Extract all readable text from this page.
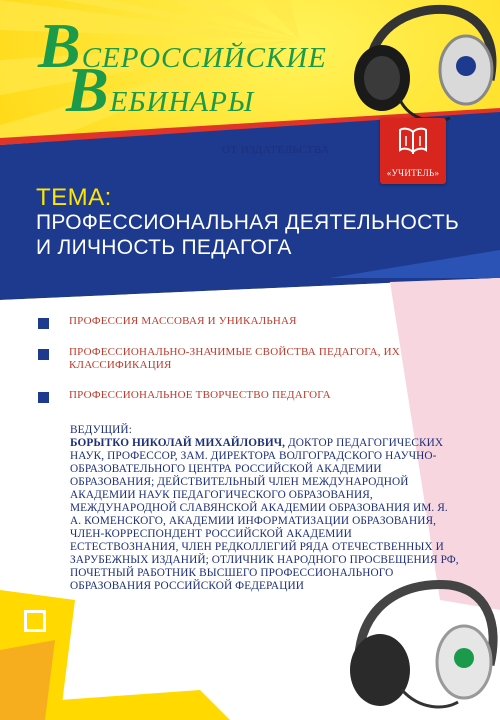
ВСЕРОССИЙСКИЕ
ВЕБИНАРЫ
ОТ ИЗДАТЕЛЬСТВА
«УЧИТЕЛЬ»
ТЕМА:
ПРОФЕССИОНАЛЬНАЯ ДЕЯТЕЛЬНОСТЬ И ЛИЧНОСТЬ ПЕДАГОГА
ПРОФЕССИЯ МАССОВАЯ И УНИКАЛЬНАЯ
ПРОФЕССИОНАЛЬНО-ЗНАЧИМЫЕ СВОЙСТВА ПЕДАГОГА, ИХ КЛАССИФИКАЦИЯ
ПРОФЕССИОНАЛЬНОЕ ТВОРЧЕСТВО ПЕДАГОГА
ВЕДУЩИЙ:
БОРЫТКО НИКОЛАЙ МИХАЙЛОВИЧ, ДОКТОР ПЕДАГОГИЧЕСКИХ НАУК, ПРОФЕССОР, ЗАМ. ДИРЕКТОРА ВОЛГОГРАДСКОГО НАУЧНО-ОБРАЗОВАТЕЛЬНОГО ЦЕНТРА РОССИЙСКОЙ АКАДЕМИИ ОБРАЗОВАНИЯ; ДЕЙСТВИТЕЛЬНЫЙ ЧЛЕН МЕЖДУНАРОДНОЙ АКАДЕМИИ НАУК ПЕДАГОГИЧЕСКОГО ОБРАЗОВАНИЯ, МЕЖДУНАРОДНОЙ СЛАВЯНСКОЙ АКАДЕМИИ ОБРАЗОВАНИЯ ИМ. Я. А. КОМЕНСКОГО, АКАДЕМИИ ИНФОРМАТИЗАЦИИ ОБРАЗОВАНИЯ, ЧЛЕН-КОРРЕСПОНДЕНТ РОССИЙСКОЙ АКАДЕМИИ ЕСТЕСТВОЗНАНИЯ, ЧЛЕН РЕДКОЛЛЕГИЙ РЯДА ОТЕЧЕСТВЕННЫХ И ЗАРУБЕЖНЫХ ИЗДАНИЙ; ОТЛИЧНИК НАРОДНОГО ПРОСВЕЩЕНИЯ РФ, ПОЧЕТНЫЙ РАБОТНИК ВЫСШЕГО ПРОФЕССИОНАЛЬНОГО ОБРАЗОВАНИЯ РОССИЙСКОЙ ФЕДЕРАЦИИ
